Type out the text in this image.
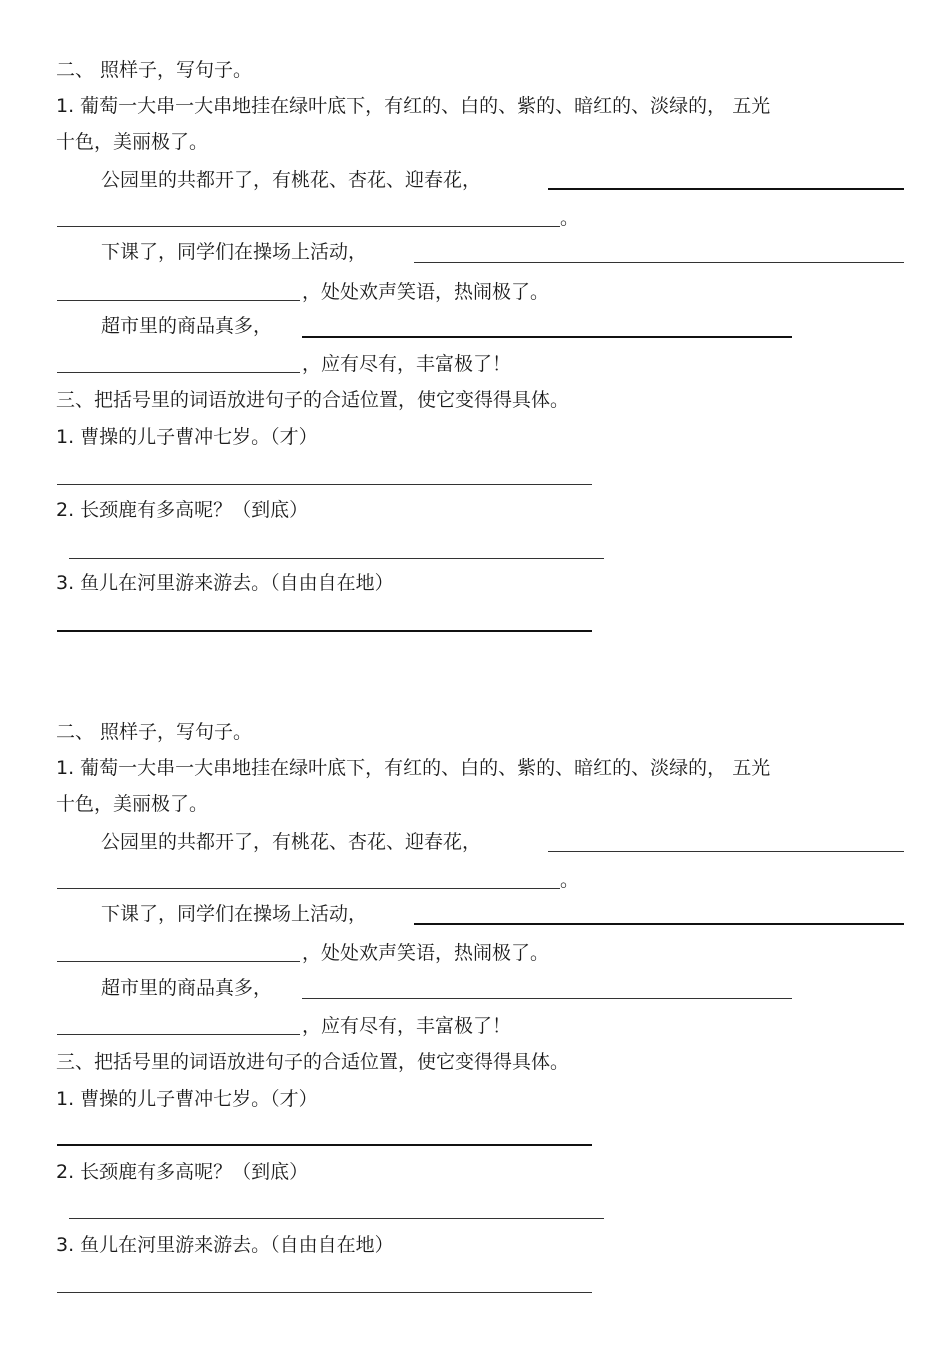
二、 照样子，写句子。
1. 葡萄一大串一大串地挂在绿叶底下，有红的、白的、紫的、暗红的、淡绿的， 五光
十色，美丽极了。
公园里的共都开了，有桃花、杏花、迎春花，
。
下课了，同学们在操场上活动，
，处处欢声笑语，热闹极了。
超市里的商品真多，
，应有尽有，丰富极了！
三、把括号里的词语放进句子的合适位置，使它变得得具体。
1. 曹操的儿子曹冲七岁。（才）
2. 长颈鹿有多高呢？（到底）
3. 鱼儿在河里游来游去。（自由自在地）
二、 照样子，写句子。
1. 葡萄一大串一大串地挂在绿叶底下，有红的、白的、紫的、暗红的、淡绿的， 五光
十色，美丽极了。
公园里的共都开了，有桃花、杏花、迎春花，
。
下课了，同学们在操场上活动，
，处处欢声笑语，热闹极了。
超市里的商品真多，
，应有尽有，丰富极了！
三、把括号里的词语放进句子的合适位置，使它变得得具体。
1. 曹操的儿子曹冲七岁。（才）
2. 长颈鹿有多高呢？（到底）
3. 鱼儿在河里游来游去。（自由自在地）
